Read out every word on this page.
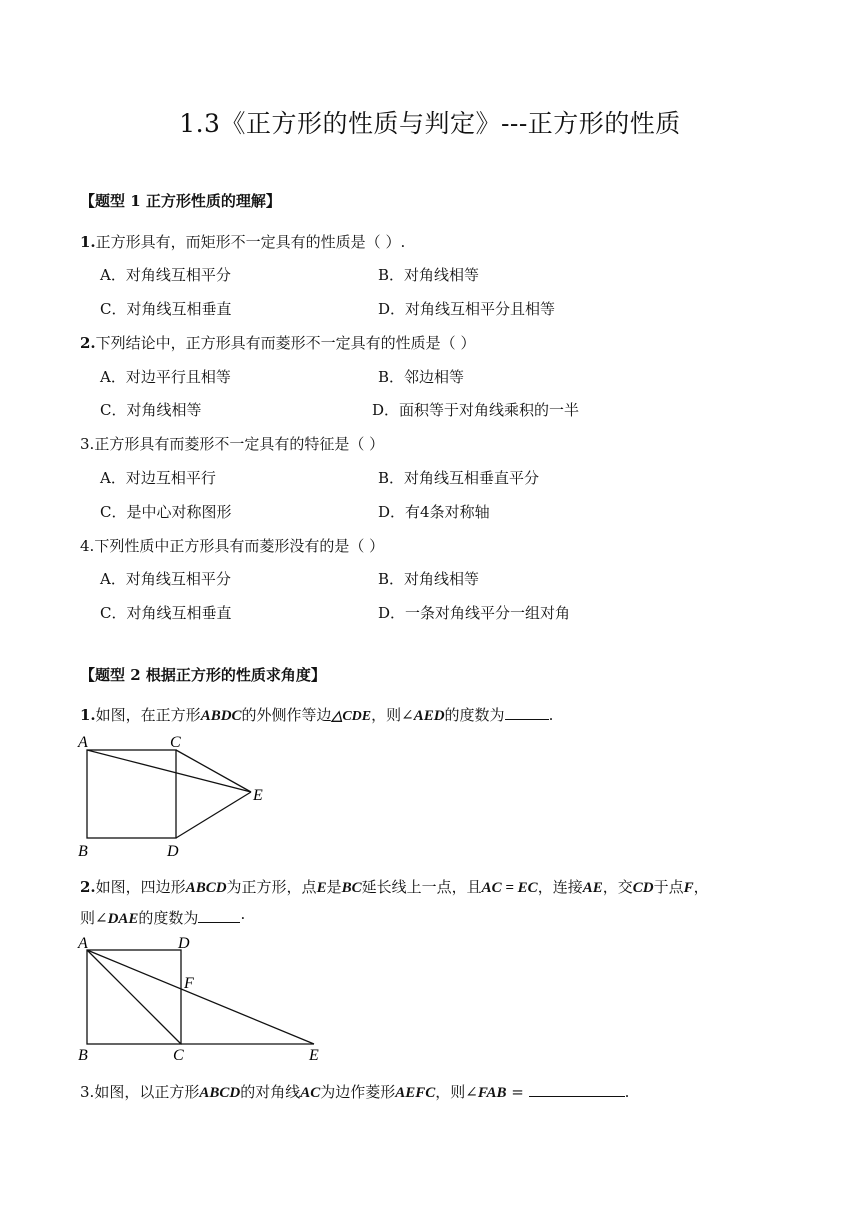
1.3《正方形的性质与判定》---正方形的性质
【题型 1 正方形性质的理解】
1.正方形具有，而矩形不一定具有的性质是（ ）.
A．对角线互相平分	B．对角线相等
C．对角线互相垂直	D．对角线互相平分且相等
2.下列结论中，正方形具有而菱形不一定具有的性质是（ ）
A．对边平行且相等	B．邻边相等
C．对角线相等	D．面积等于对角线乘积的一半
3.正方形具有而菱形不一定具有的特征是（ ）
A．对边互相平行	B．对角线互相垂直平分
C．是中心对称图形	D．有4条对称轴
4.下列性质中正方形具有而菱形没有的是（ ）
A．对角线互相平分	B．对角线相等
C．对角线互相垂直	D．一条对角线平分一组对角
【题型 2 根据正方形的性质求角度】
1.如图，在正方形ABDC的外侧作等边△CDE，则∠AED的度数为	.
A	C
E
B	D
2.如图，四边形ABCD为正方形，点E是BC延长线上一点，且AC = EC，连接AE，交CD于点F，
则∠DAE的度数为	·
A	D
F
B	C	E
3.如图，以正方形ABCD的对角线AC为边作菱形AEFC，则∠FAB =	.
